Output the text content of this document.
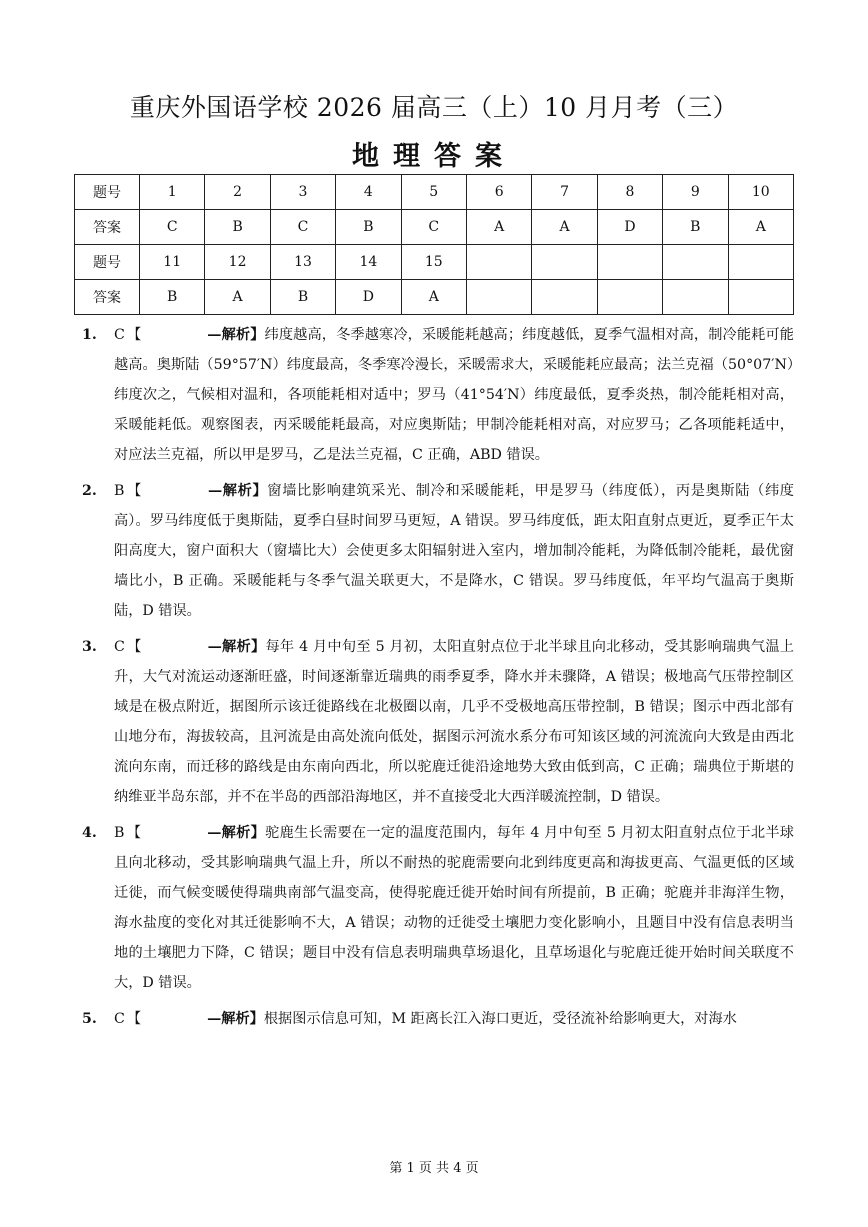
重庆外国语学校 2026 届高三（上）10 月月考（三）
地理答案
题号	1	2	3	4	5	6	7	8	9	10
答案	C	B	C	B	C	A	A	D	B	A
题号	11	12	13	14	15					
答案	B	A	B	D	A					
1. C 【	—解析】纬度越高，冬季越寒冷，采暖能耗越高；纬度越低，夏季气温相对高，制冷能耗可能越高。奥斯陆（59°57′N）纬度最高，冬季寒冷漫长，采暖需求大，采暖能耗应最高；法兰克福（50°07′N）纬度次之，气候相对温和，各项能耗相对适中；罗马（41°54′N）纬度最低，夏季炎热，制冷能耗相对高，采暖能耗低。观察图表，丙采暖能耗最高，对应奥斯陆；甲制冷能耗相对高，对应罗马；乙各项能耗适中，对应法兰克福，所以甲是罗马，乙是法兰克福，C 正确，ABD 错误。
2. B 【	—解析】窗墙比影响建筑采光、制冷和采暖能耗，甲是罗马（纬度低），丙是奥斯陆（纬度高）。罗马纬度低于奥斯陆，夏季白昼时间罗马更短，A 错误。罗马纬度低，距太阳直射点更近，夏季正午太阳高度大，窗户面积大（窗墙比大）会使更多太阳辐射进入室内，增加制冷能耗，为降低制冷能耗，最优窗墙比小，B 正确。采暖能耗与冬季气温关联更大，不是降水，C 错误。罗马纬度低，年平均气温高于奥斯陆，D 错误。
3. C 【	—解析】每年 4 月中旬至 5 月初，太阳直射点位于北半球且向北移动，受其影响瑞典气温上升，大气对流运动逐渐旺盛，时间逐渐靠近瑞典的雨季夏季，降水并未骤降，A 错误；极地高气压带控制区域是在极点附近，据图所示该迁徙路线在北极圈以南，几乎不受极地高压带控制，B 错误；图示中西北部有山地分布，海拔较高，且河流是由高处流向低处，据图示河流水系分布可知该区域的河流流向大致是由西北流向东南，而迁移的路线是由东南向西北，所以驼鹿迁徙沿途地势大致由低到高，C 正确；瑞典位于斯堪的纳维亚半岛东部，并不在半岛的西部沿海地区，并不直接受北大西洋暖流控制，D 错误。
4. B 【	—解析】驼鹿生长需要在一定的温度范围内，每年 4 月中旬至 5 月初太阳直射点位于北半球且向北移动，受其影响瑞典气温上升，所以不耐热的驼鹿需要向北到纬度更高和海拔更高、气温更低的区域迁徙，而气候变暖使得瑞典南部气温变高，使得驼鹿迁徙开始时间有所提前，B 正确；驼鹿并非海洋生物，海水盐度的变化对其迁徙影响不大，A 错误；动物的迁徙受土壤肥力变化影响小，且题目中没有信息表明当地的土壤肥力下降，C 错误；题目中没有信息表明瑞典草场退化，且草场退化与驼鹿迁徙开始时间关联度不大，D 错误。
5. C 【	—解析】根据图示信息可知，M 距离长江入海口更近，受径流补给影响更大，对海水
第 1 页 共 4 页
